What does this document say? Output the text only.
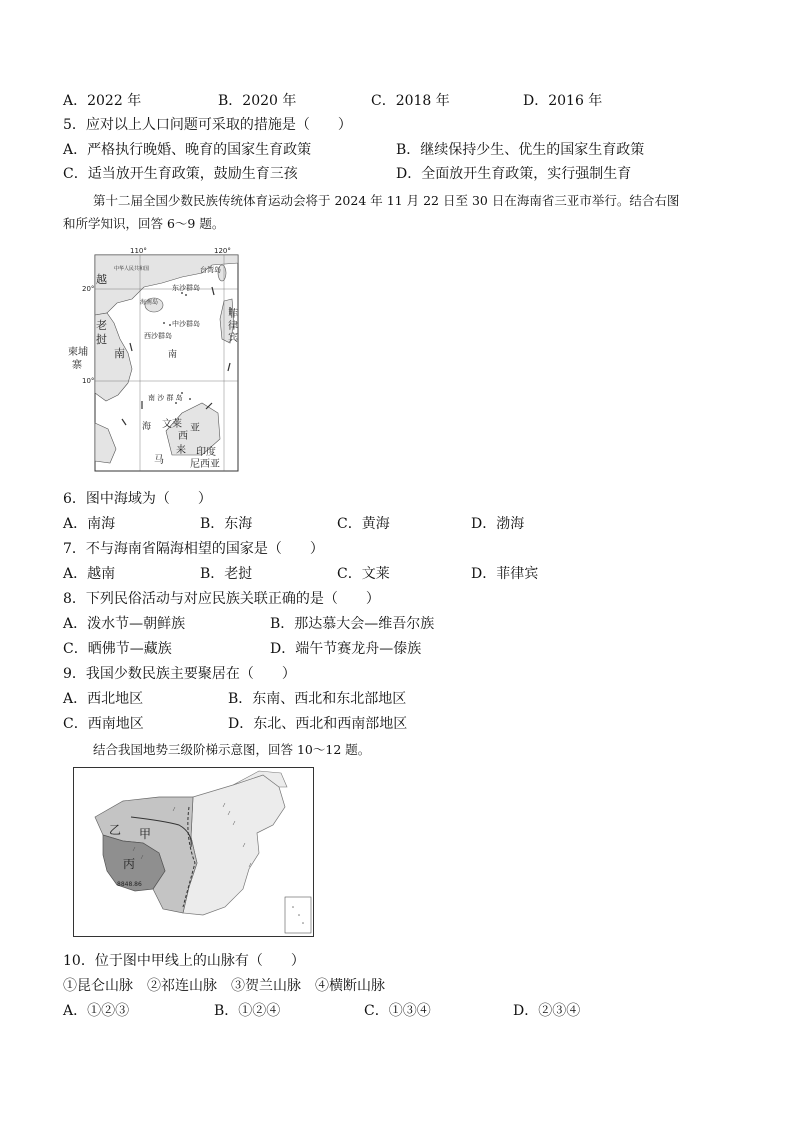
A．2022 年	B．2020 年	C．2018 年	D．2016 年
5．应对以上人口问题可采取的措施是（　　）
A．严格执行晚婚、晚育的国家生育政策	B．继续保持少生、优生的国家生育政策
C．适当放开生育政策，鼓励生育三孩	D．全面放开生育政策，实行强制生育
第十二届全国少数民族传统体育运动会将于 2024 年 11 月 22 日至 30 日在海南省三亚市举行。结合右图
和所学知识，回答 6～9 题。
110°	120°
20°
10°
越
老
挝
南
柬埔
寨
中华人民共和国	台湾岛
东沙群岛
海南岛
中沙群岛
西沙群岛
南
南 沙 群 岛
海
菲
律
宾
文莱
马
来
西
亚
印度
尼西亚
6．图中海域为（　　）
A．南海	B．东海	C．黄海	D．渤海
7．不与海南省隔海相望的国家是（　　）
A．越南	B．老挝	C．文莱	D．菲律宾
8．下列民俗活动与对应民族关联正确的是（　　）
A．泼水节—朝鲜族	B．那达慕大会—维吾尔族
C．晒佛节—藏族	D．端午节赛龙舟—傣族
9．我国少数民族主要聚居在（　　）
A．西北地区	B．东南、西北和东北部地区
C．西南地区	D．东北、西北和西南部地区
结合我国地势三级阶梯示意图，回答 10～12 题。
乙 甲
丙
8848.86
10．位于图中甲线上的山脉有（　　）
①昆仑山脉　②祁连山脉　③贺兰山脉　④横断山脉
A．①②③	B．①②④	C．①③④	D．②③④
